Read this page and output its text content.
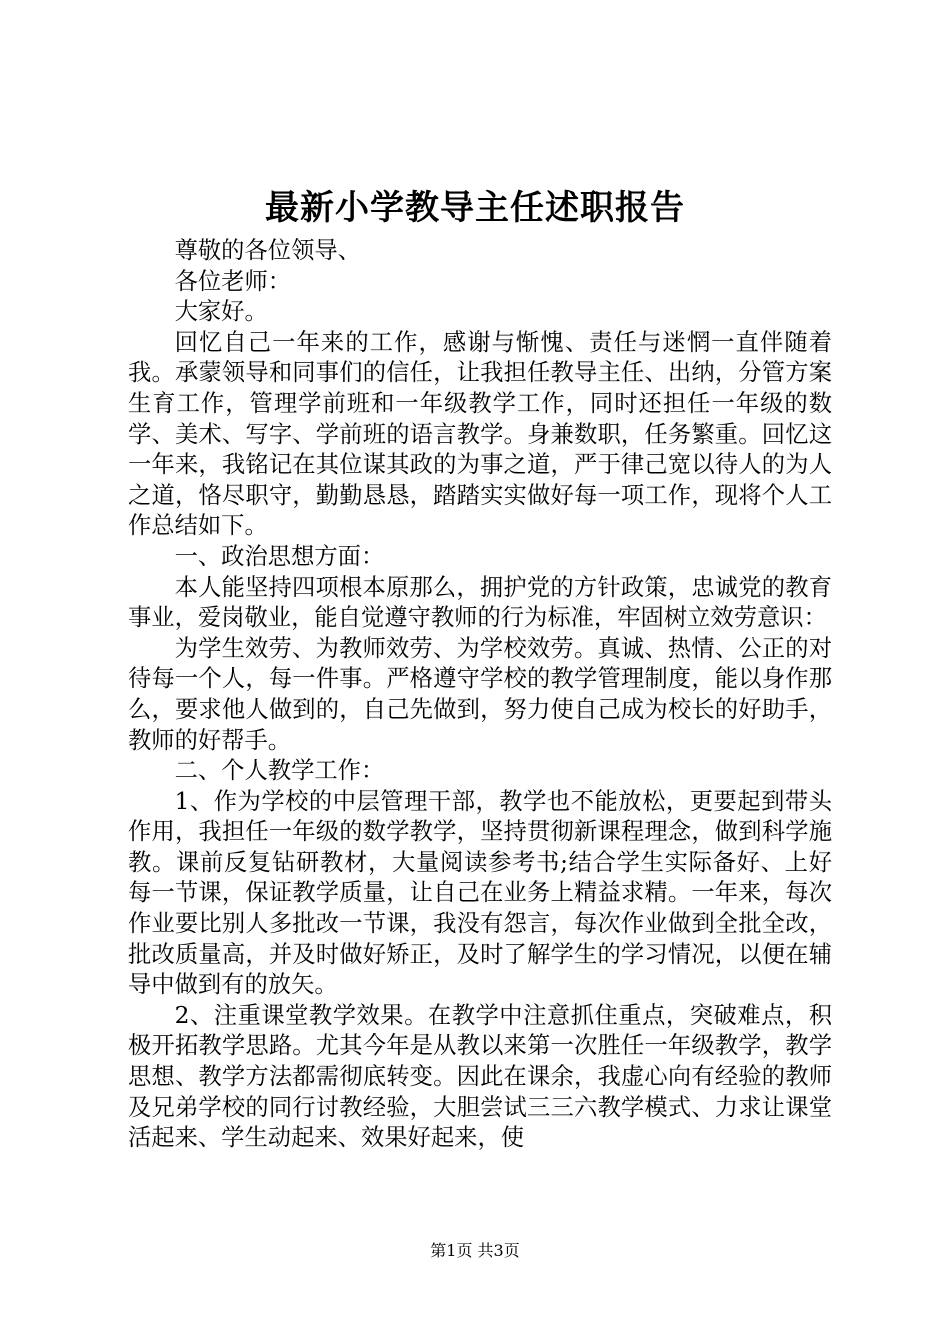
最新小学教导主任述职报告

尊敬的各位领导、

各位老师：

大家好。

回忆自己一年来的工作，感谢与惭愧、责任与迷惘一直伴随着我。承蒙领导和同事们的信任，让我担任教导主任、出纳，分管方案生育工作，管理学前班和一年级教学工作，同时还担任一年级的数学、美术、写字、学前班的语言教学。身兼数职，任务繁重。回忆这一年来，我铭记在其位谋其政的为事之道，严于律己宽以待人的为人之道，恪尽职守，勤勤恳恳，踏踏实实做好每一项工作，现将个人工作总结如下。

一、政治思想方面：

本人能坚持四项根本原那么，拥护党的方针政策，忠诚党的教育事业，爱岗敬业，能自觉遵守教师的行为标准，牢固树立效劳意识：

为学生效劳、为教师效劳、为学校效劳。真诚、热情、公正的对待每一个人，每一件事。严格遵守学校的教学管理制度，能以身作那么，要求他人做到的，自己先做到，努力使自己成为校长的好助手，教师的好帮手。

二、个人教学工作：

1、作为学校的中层管理干部，教学也不能放松，更要起到带头作用，我担任一年级的数学教学，坚持贯彻新课程理念，做到科学施教。课前反复钻研教材，大量阅读参考书;结合学生实际备好、上好每一节课，保证教学质量，让自己在业务上精益求精。一年来，每次作业要比别人多批改一节课，我没有怨言，每次作业做到全批全改，批改质量高，并及时做好矫正，及时了解学生的学习情况，以便在辅导中做到有的放矢。

2、注重课堂教学效果。在教学中注意抓住重点，突破难点，积极开拓教学思路。尤其今年是从教以来第一次胜任一年级教学，教学思想、教学方法都需彻底转变。因此在课余，我虚心向有经验的教师及兄弟学校的同行讨教经验，大胆尝试三三六教学模式、力求让课堂活起来、学生动起来、效果好起来，使

第1页 共3页
